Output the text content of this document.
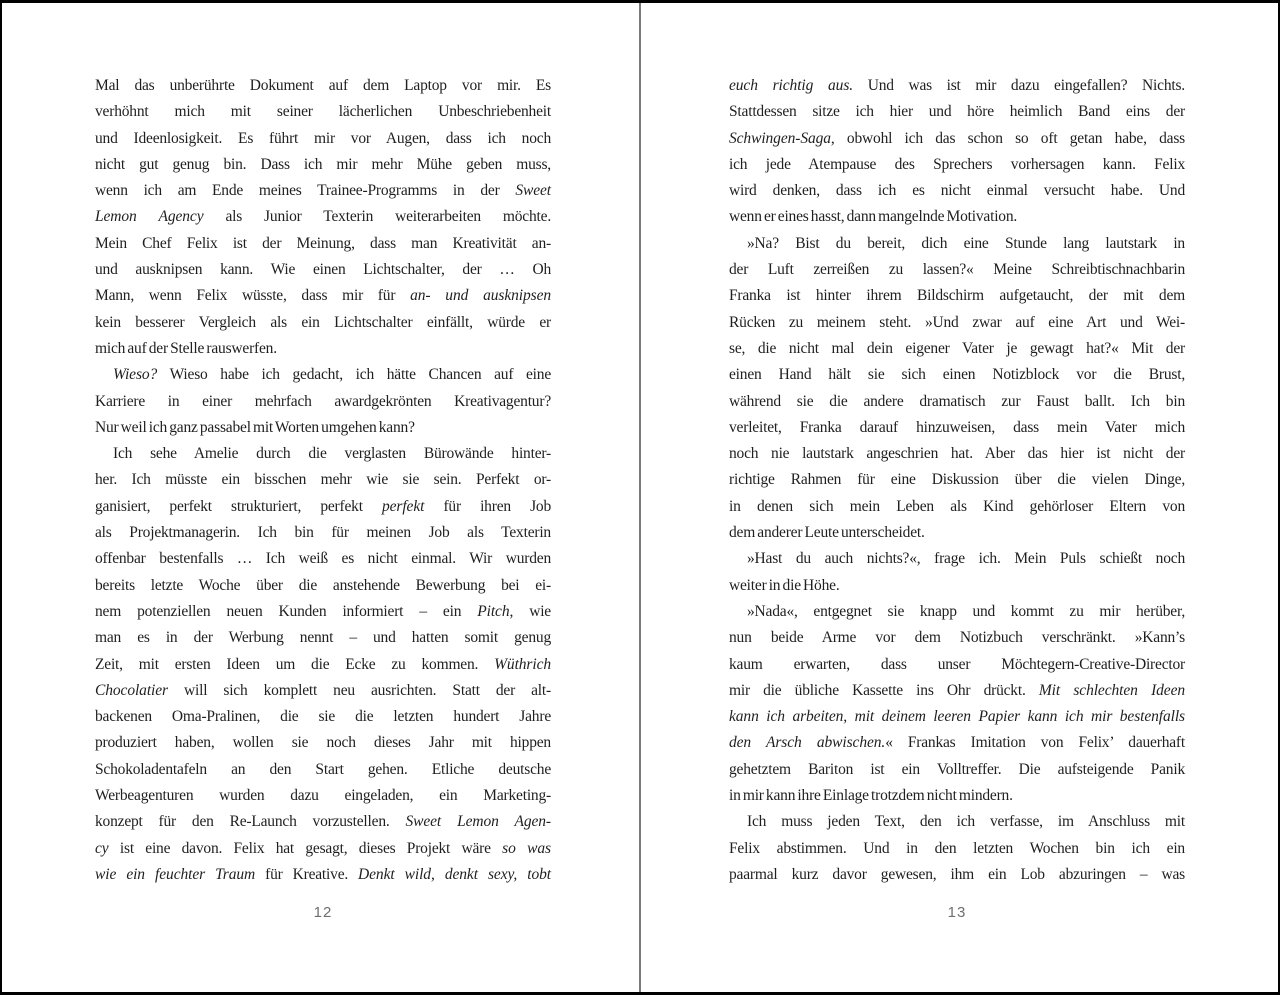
Mal das unberührte Dokument auf dem Laptop vor mir. Es
verhöhnt mich mit seiner lächerlichen Unbeschriebenheit
und Ideenlosigkeit. Es führt mir vor Augen, dass ich noch
nicht gut genug bin. Dass ich mir mehr Mühe geben muss,
wenn ich am Ende meines Trainee-Programms in der Sweet
Lemon Agency als Junior Texterin weiterarbeiten möchte.
Mein Chef Felix ist der Meinung, dass man Kreativität an-
und ausknipsen kann. Wie einen Lichtschalter, der … Oh
Mann, wenn Felix wüsste, dass mir für an- und ausknipsen
kein besserer Vergleich als ein Lichtschalter einfällt, würde er
mich auf der Stelle rauswerfen.
Wieso? Wieso habe ich gedacht, ich hätte Chancen auf eine
Karriere in einer mehrfach awardgekrönten Kreativagentur?
Nur weil ich ganz passabel mit Worten umgehen kann?
Ich sehe Amelie durch die verglasten Bürowände hinter-
her. Ich müsste ein bisschen mehr wie sie sein. Perfekt or-
ganisiert, perfekt strukturiert, perfekt perfekt für ihren Job
als Projektmanagerin. Ich bin für meinen Job als Texterin
offenbar bestenfalls … Ich weiß es nicht einmal. Wir wurden
bereits letzte Woche über die anstehende Bewerbung bei ei-
nem potenziellen neuen Kunden informiert – ein Pitch, wie
man es in der Werbung nennt – und hatten somit genug
Zeit, mit ersten Ideen um die Ecke zu kommen. Wüthrich
Chocolatier will sich komplett neu ausrichten. Statt der alt-
backenen Oma-Pralinen, die sie die letzten hundert Jahre
produziert haben, wollen sie noch dieses Jahr mit hippen
Schokoladentafeln an den Start gehen. Etliche deutsche
Werbeagenturen wurden dazu eingeladen, ein Marketing-
konzept für den Re-Launch vorzustellen. Sweet Lemon Agen-
cy ist eine davon. Felix hat gesagt, dieses Projekt wäre so was
wie ein feuchter Traum für Kreative. Denkt wild, denkt sexy, tobt
12
euch richtig aus. Und was ist mir dazu eingefallen? Nichts.
Stattdessen sitze ich hier und höre heimlich Band eins der
Schwingen-Saga, obwohl ich das schon so oft getan habe, dass
ich jede Atempause des Sprechers vorhersagen kann. Felix
wird denken, dass ich es nicht einmal versucht habe. Und
wenn er eines hasst, dann mangelnde Motivation.
»Na? Bist du bereit, dich eine Stunde lang lautstark in
der Luft zerreißen zu lassen?« Meine Schreibtischnachbarin
Franka ist hinter ihrem Bildschirm aufgetaucht, der mit dem
Rücken zu meinem steht. »Und zwar auf eine Art und Wei-
se, die nicht mal dein eigener Vater je gewagt hat?« Mit der
einen Hand hält sie sich einen Notizblock vor die Brust,
während sie die andere dramatisch zur Faust ballt. Ich bin
verleitet, Franka darauf hinzuweisen, dass mein Vater mich
noch nie lautstark angeschrien hat. Aber das hier ist nicht der
richtige Rahmen für eine Diskussion über die vielen Dinge,
in denen sich mein Leben als Kind gehörloser Eltern von
dem anderer Leute unterscheidet.
»Hast du auch nichts?«, frage ich. Mein Puls schießt noch
weiter in die Höhe.
»Nada«, entgegnet sie knapp und kommt zu mir herüber,
nun beide Arme vor dem Notizbuch verschränkt. »Kann’s
kaum erwarten, dass unser Möchtegern-Creative-Director
mir die übliche Kassette ins Ohr drückt. Mit schlechten Ideen
kann ich arbeiten, mit deinem leeren Papier kann ich mir bestenfalls
den Arsch abwischen.« Frankas Imitation von Felix’ dauerhaft
gehetztem Bariton ist ein Volltreffer. Die aufsteigende Panik
in mir kann ihre Einlage trotzdem nicht mindern.
Ich muss jeden Text, den ich verfasse, im Anschluss mit
Felix abstimmen. Und in den letzten Wochen bin ich ein
paarmal kurz davor gewesen, ihm ein Lob abzuringen – was
13
